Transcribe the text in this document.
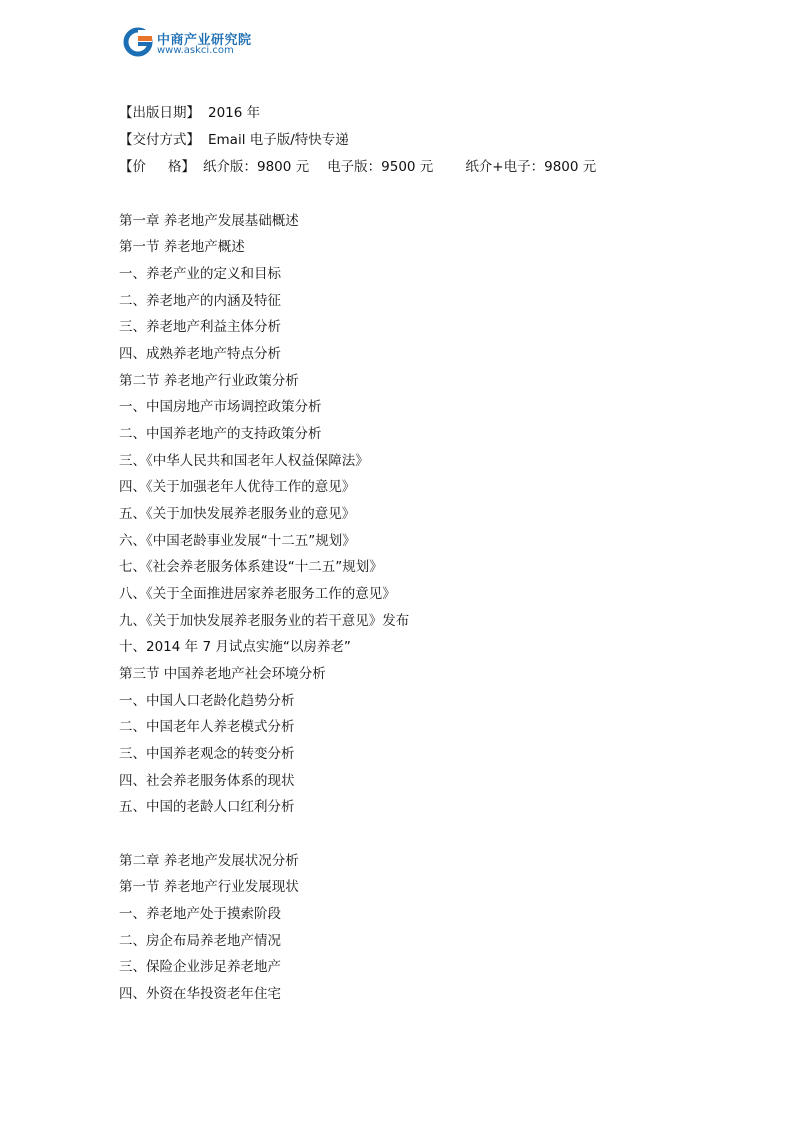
中商产业研究院
www.askci.com
【出版日期】 2016 年
【交付方式】 Email 电子版/特快专递
【价 格】 纸介版：9800 元 电子版：9500 元 纸介+电子：9800 元
第一章 养老地产发展基础概述
第一节 养老地产概述
一、养老产业的定义和目标
二、养老地产的内涵及特征
三、养老地产利益主体分析
四、成熟养老地产特点分析
第二节 养老地产行业政策分析
一、中国房地产市场调控政策分析
二、中国养老地产的支持政策分析
三、《中华人民共和国老年人权益保障法》
四、《关于加强老年人优待工作的意见》
五、《关于加快发展养老服务业的意见》
六、《中国老龄事业发展“十二五”规划》
七、《社会养老服务体系建设“十二五”规划》
八、《关于全面推进居家养老服务工作的意见》
九、《关于加快发展养老服务业的若干意见》发布
十、2014 年 7 月试点实施“以房养老”
第三节 中国养老地产社会环境分析
一、中国人口老龄化趋势分析
二、中国老年人养老模式分析
三、中国养老观念的转变分析
四、社会养老服务体系的现状
五、中国的老龄人口红利分析
第二章 养老地产发展状况分析
第一节 养老地产行业发展现状
一、养老地产处于摸索阶段
二、房企布局养老地产情况
三、保险企业涉足养老地产
四、外资在华投资老年住宅
